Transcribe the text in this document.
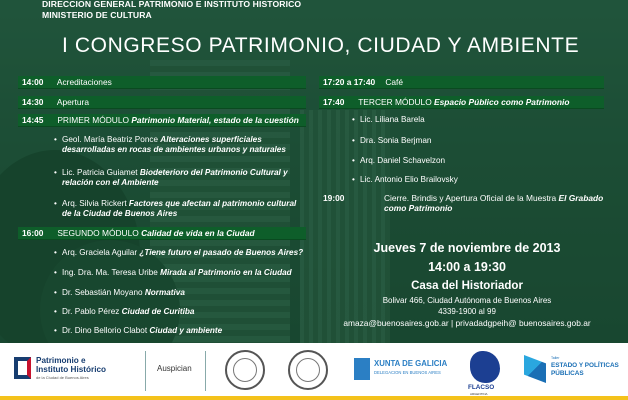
DIRECCION GENERAL PATRIMONIO E INSTITUTO HISTORICO
MINISTERIO DE CULTURA
I CONGRESO PATRIMONIO, CIUDAD Y AMBIENTE
14:00 Acreditaciones
14:30 Apertura
14:45 PRIMER MÓDULO Patrimonio Material, estado de la cuestión
• Geol. María Beatriz Ponce Alteraciones superficiales desarrolladas en rocas de ambientes urbanos y naturales
• Lic. Patricia Guiamet Biodeterioro del Patrimonio Cultural y relación con el Ambiente
• Arq. Silvia Rickert Factores que afectan al patrimonio cultural de la Ciudad de Buenos Aires
16:00 SEGUNDO MÓDULO Calidad de vida en la Ciudad
• Arq. Graciela Aguilar ¿Tiene futuro el pasado de Buenos Aires?
• Ing. Dra. Ma. Teresa Uribe Mirada al Patrimonio en la Ciudad
• Dr. Sebastián Moyano Normativa
• Dr. Pablo Pérez Ciudad de Curitiba
• Dr. Dino Bellorio Clabot Ciudad y ambiente
17:20 a 17:40 Café
17:40 TERCER MÓDULO Espacio Público como Patrimonio
• Lic. Liliana Barela
• Dra. Sonia Berjman
• Arq. Daniel Schavelzon
• Lic. Antonio Elio Brailovsky
19:00	Cierre. Brindis y Apertura Oficial de la Muestra El Grabado como Patrimonio
Jueves 7 de noviembre de 2013
14:00 a 19:30
Casa del Historiador
Bolivar 466, Ciudad Autónoma de Buenos Aires
4339-1900 al 99
amaza@buenosaires.gob.ar | privadadgpeih@ buenosaires.gob.ar
Patrimonio e
Instituto Histórico
de la Ciudad de Buenos Aires
Auspician
XUNTA DE GALICIA
DELEGACION EN BUENOS AIRES
FLACSO
ARGENTINA
Taller
ESTADO Y POLÍTICAS
PÚBLICAS
